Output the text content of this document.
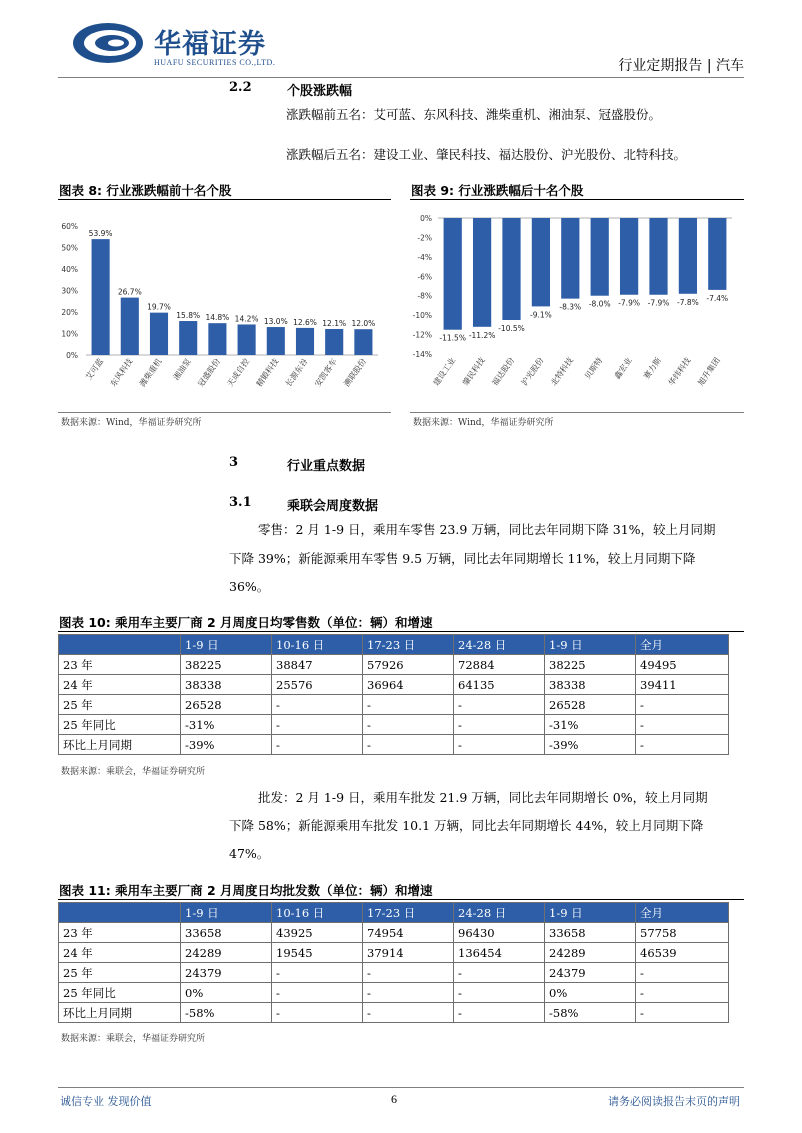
华福证券
HUAFU SECURITIES CO.,LTD.	行业定期报告 | 汽车
2.2	个股涨跌幅
涨跌幅前五名：艾可蓝、东风科技、潍柴重机、湘油泵、冠盛股份。
涨跌幅后五名：建设工业、肇民科技、福达股份、沪光股份、北特科技。
图表 8: 行业涨跌幅前十名个股
60%
50%
40%
30%
20%
10%
0%
53.9%
艾可蓝
26.7%
东风科技
19.7%
潍柴重机
15.8%
湘油泵
14.8%
冠盛股份
14.2%
天成自控
13.0%
精锻科技
12.6%
长源东谷
12.1%
安凯客车
12.0%
溯联股份
数据来源：Wind，华福证券研究所
图表 9: 行业涨跌幅后十名个股
0%
-2%
-4%
-6%
-8%
-10%
-12%
-14%
-11.5%
建设工业
-11.2%
肇民科技
-10.5%
福达股份
-9.1%
沪光股份
-8.3%
北特科技
-8.0%
贝斯特
-7.9%
鑫宏业
-7.9%
赛力斯
-7.8%
华纬科技
-7.4%
旭升集团
数据来源：Wind，华福证券研究所
3	行业重点数据
3.1	乘联会周度数据
零售：2 月 1-9 日，乘用车零售 23.9 万辆，同比去年同期下降 31%，较上月同期
下降 39%；新能源乘用车零售 9.5 万辆，同比去年同期增长 11%，较上月同期下降
36%。
图表 10: 乘用车主要厂商 2 月周度日均零售数（单位：辆）和增速
	1-9 日	10-16 日	17-23 日	24-28 日	1-9 日	全月
23 年	38225	38847	57926	72884	38225	49495
24 年	38338	25576	36964	64135	38338	39411
25 年	26528	-	-	-	26528	-
25 年同比	-31%	-	-	-	-31%	-
环比上月同期	-39%	-	-	-	-39%	-
数据来源：乘联会，华福证券研究所
批发：2 月 1-9 日，乘用车批发 21.9 万辆，同比去年同期增长 0%，较上月同期
下降 58%；新能源乘用车批发 10.1 万辆，同比去年同期增长 44%，较上月同期下降
47%。
图表 11: 乘用车主要厂商 2 月周度日均批发数（单位：辆）和增速
	1-9 日	10-16 日	17-23 日	24-28 日	1-9 日	全月
23 年	33658	43925	74954	96430	33658	57758
24 年	24289	19545	37914	136454	24289	46539
25 年	24379	-	-	-	24379	-
25 年同比	0%	-	-	-	0%	-
环比上月同期	-58%	-	-	-	-58%	-
数据来源：乘联会，华福证券研究所
诚信专业 发现价值	6	请务必阅读报告末页的声明
